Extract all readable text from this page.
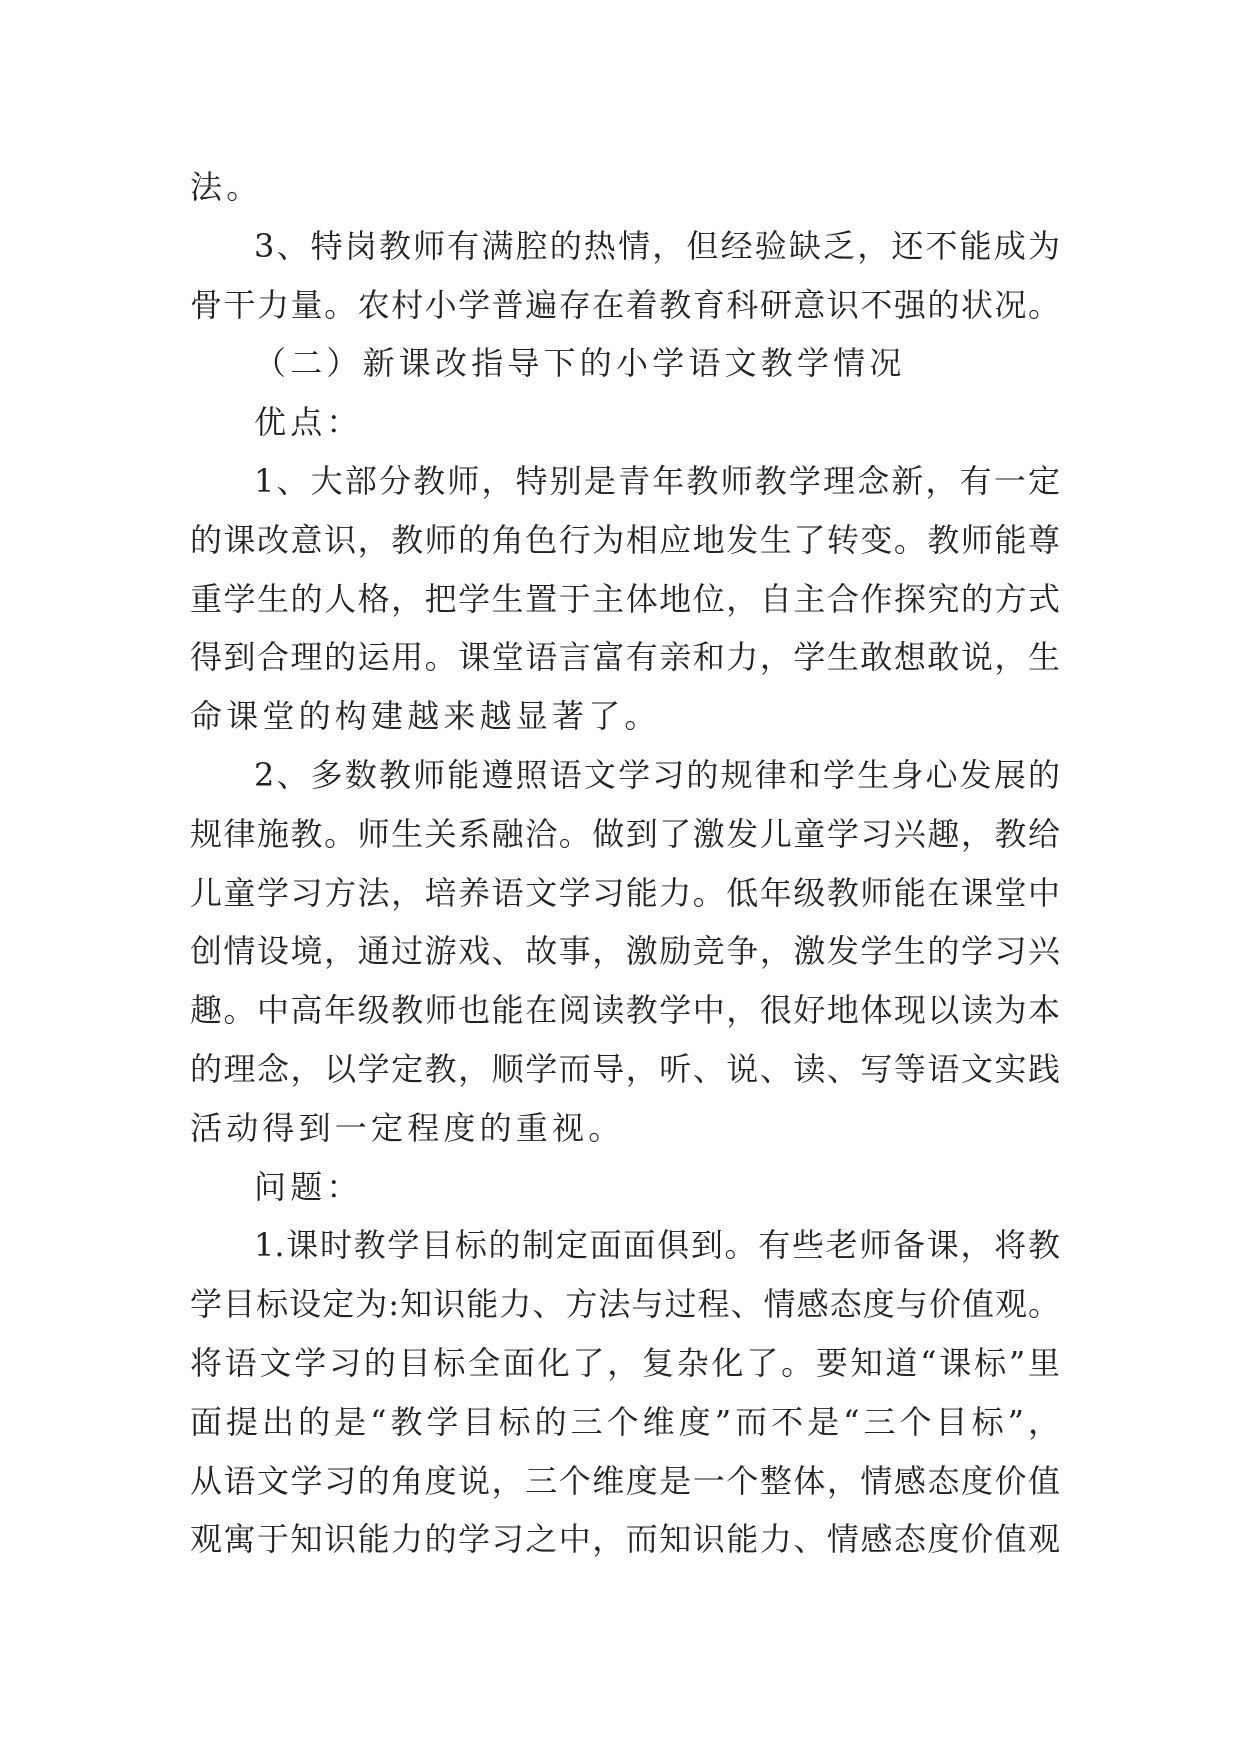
法。
3、特岗教师有满腔的热情，但经验缺乏，还不能成为
骨干力量。农村小学普遍存在着教育科研意识不强的状况。
（二）新课改指导下的小学语文教学情况
优点：
1、大部分教师，特别是青年教师教学理念新，有一定
的课改意识，教师的角色行为相应地发生了转变。教师能尊
重学生的人格，把学生置于主体地位，自主合作探究的方式
得到合理的运用。课堂语言富有亲和力，学生敢想敢说，生
命课堂的构建越来越显著了。
2、多数教师能遵照语文学习的规律和学生身心发展的
规律施教。师生关系融洽。做到了激发儿童学习兴趣，教给
儿童学习方法，培养语文学习能力。低年级教师能在课堂中
创情设境，通过游戏、故事，激励竞争，激发学生的学习兴
趣。中高年级教师也能在阅读教学中，很好地体现以读为本
的理念，以学定教，顺学而导，听、说、读、写等语文实践
活动得到一定程度的重视。
问题：
1.课时教学目标的制定面面俱到。有些老师备课，将教
学目标设定为:知识能力、方法与过程、情感态度与价值观。
将语文学习的目标全面化了，复杂化了。要知道“课标”里
面提出的是“教学目标的三个维度”而不是“三个目标”，
从语文学习的角度说，三个维度是一个整体，情感态度价值
观寓于知识能力的学习之中，而知识能力、情感态度价值观
